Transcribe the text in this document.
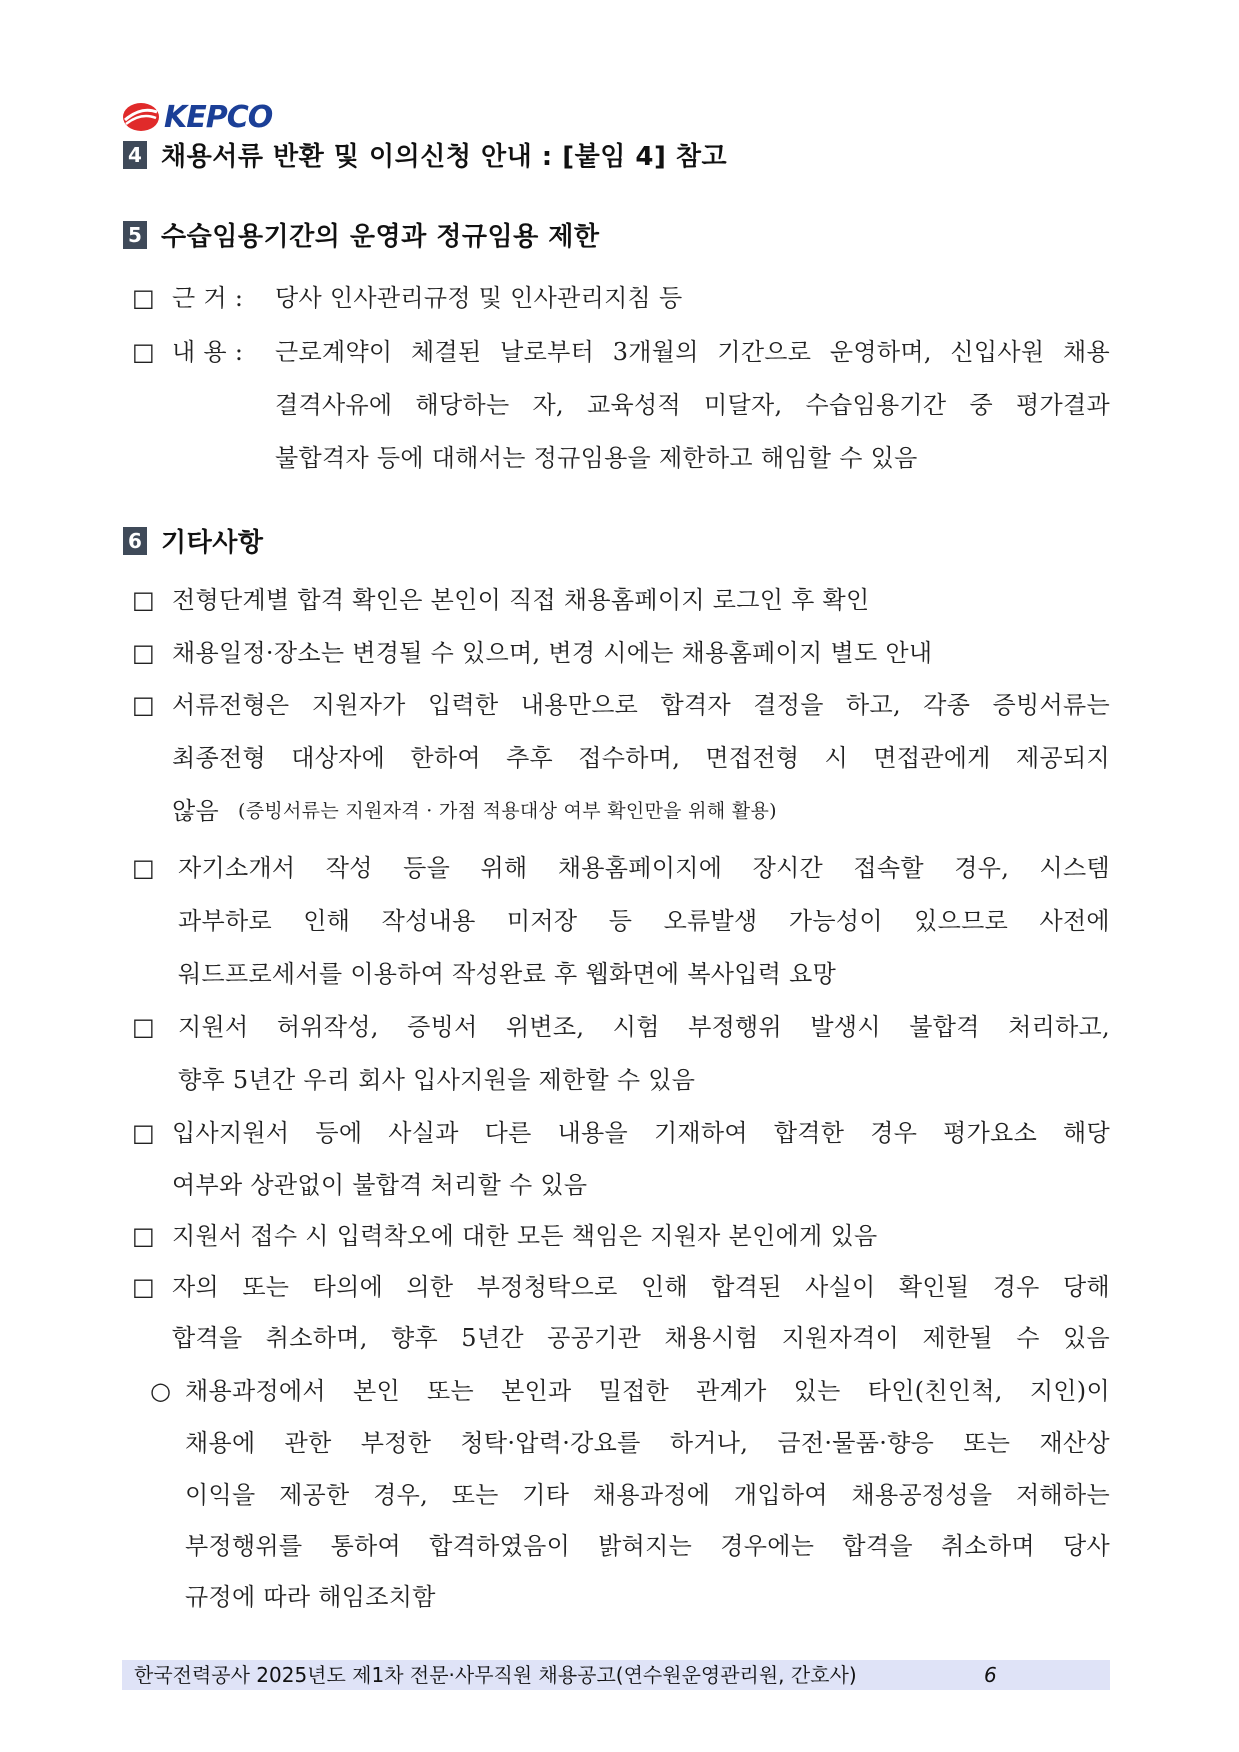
KEPCO
4 채용서류 반환 및 이의신청 안내 : [붙임 4] 참고
5 수습임용기간의 운영과 정규임용 제한
□ 근 거 : 당사 인사관리규정 및 인사관리지침 등
□ 내 용 : 근로계약이 체결된 날로부터 3개월의 기간으로 운영하며, 신입사원 채용
결격사유에 해당하는 자, 교육성적 미달자, 수습임용기간 중 평가결과
불합격자 등에 대해서는 정규임용을 제한하고 해임할 수 있음
6 기타사항
□ 전형단계별 합격 확인은 본인이 직접 채용홈페이지 로그인 후 확인
□ 채용일정·장소는 변경될 수 있으며, 변경 시에는 채용홈페이지 별도 안내
□ 서류전형은 지원자가 입력한 내용만으로 합격자 결정을 하고, 각종 증빙서류는
최종전형 대상자에 한하여 추후 접수하며, 면접전형 시 면접관에게 제공되지
않음 (증빙서류는 지원자격 · 가점 적용대상 여부 확인만을 위해 활용)
□ 자기소개서 작성 등을 위해 채용홈페이지에 장시간 접속할 경우, 시스템
과부하로 인해 작성내용 미저장 등 오류발생 가능성이 있으므로 사전에
워드프로세서를 이용하여 작성완료 후 웹화면에 복사입력 요망
□ 지원서 허위작성, 증빙서 위변조, 시험 부정행위 발생시 불합격 처리하고,
향후 5년간 우리 회사 입사지원을 제한할 수 있음
□ 입사지원서 등에 사실과 다른 내용을 기재하여 합격한 경우 평가요소 해당
여부와 상관없이 불합격 처리할 수 있음
□ 지원서 접수 시 입력착오에 대한 모든 책임은 지원자 본인에게 있음
□ 자의 또는 타의에 의한 부정청탁으로 인해 합격된 사실이 확인될 경우 당해
합격을 취소하며, 향후 5년간 공공기관 채용시험 지원자격이 제한될 수 있음
○ 채용과정에서 본인 또는 본인과 밀접한 관계가 있는 타인(친인척, 지인)이
채용에 관한 부정한 청탁·압력·강요를 하거나, 금전·물품·향응 또는 재산상
이익을 제공한 경우, 또는 기타 채용과정에 개입하여 채용공정성을 저해하는
부정행위를 통하여 합격하였음이 밝혀지는 경우에는 합격을 취소하며 당사
규정에 따라 해임조치함
한국전력공사 2025년도 제1차 전문·사무직원 채용공고(연수원운영관리원, 간호사)	6
